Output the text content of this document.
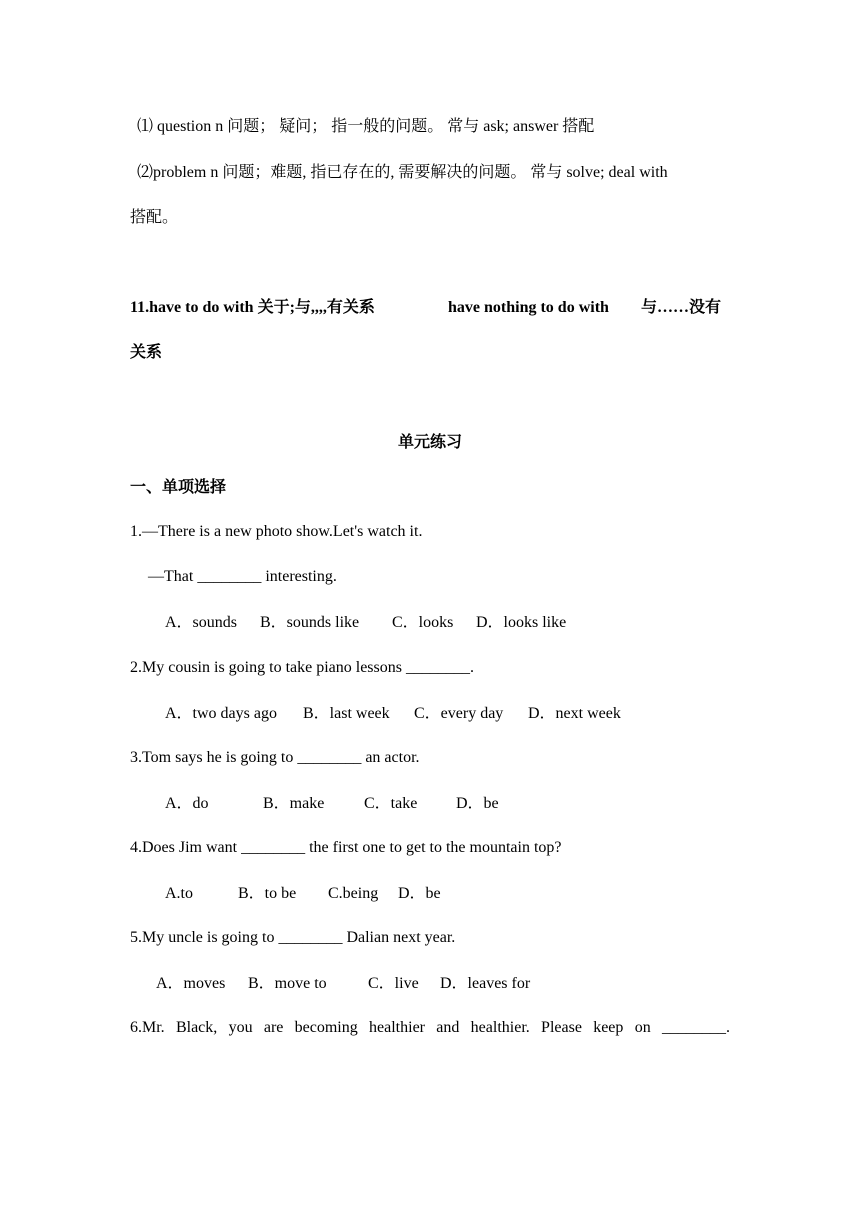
⑴ question n 问题； 疑问； 指一般的问题。 常与 ask; answer 搭配
⑵problem n 问题；难题, 指已存在的, 需要解决的问题。 常与 solve; deal with
搭配。
11.have to do with 关于;与,,,,有关系	have nothing to do with 与……没有
关系
单元练习
一、单项选择
1.—There is a new photo show.Let's watch it.
—That ________ interesting.
A．sounds B．sounds like C．looks D．looks like
2.My cousin is going to take piano lessons ________.
A．two days ago B．last week C．every day D．next week
3.Tom says he is going to ________ an actor.
A．do	B．make C．take D．be
4.Does Jim want ________ the first one to get to the mountain top?
A.to	B．to be C.being D．be
5.My uncle is going to ________ Dalian next year.
A．moves B．move to	C．live D．leaves for
6.Mr. Black, you are becoming healthier and healthier. Please keep on ________.
